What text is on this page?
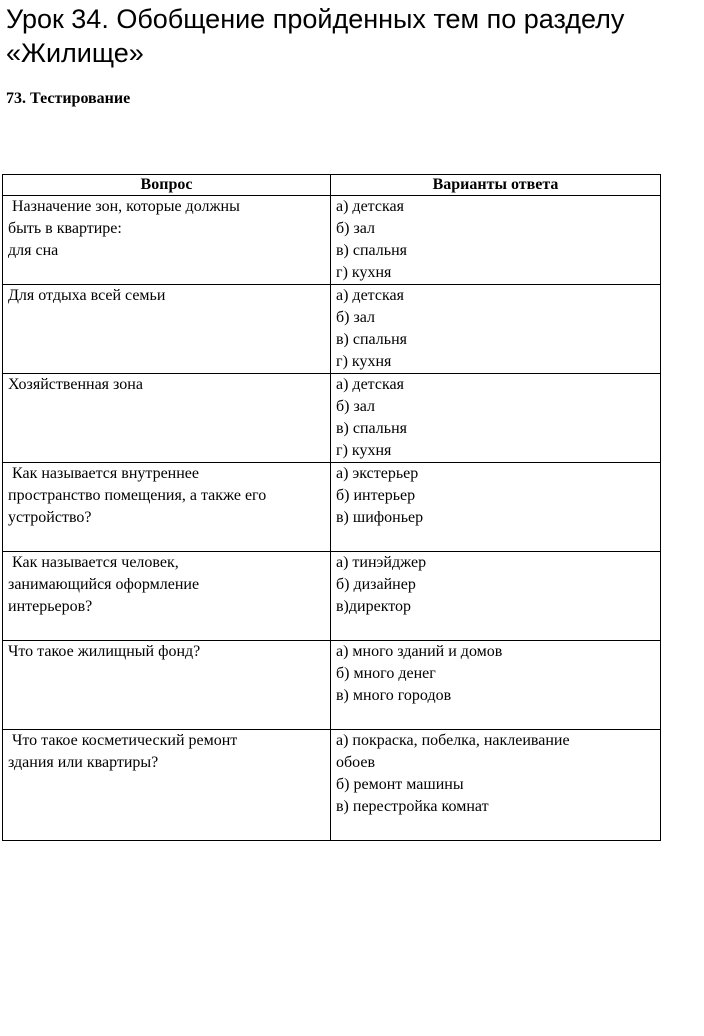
Урок 34. Обобщение пройденных тем по разделу «Жилище»
73. Тестирование
Вопрос	Варианты ответа

Назначение зон, которые должны
быть в квартире:
для сна	а) детская
б) зал
в) спальня
г) кухня

Для отдыха всей семьи	а) детская
б) зал
в) спальня
г) кухня

Хозяйственная зона	а) детская
б) зал
в) спальня
г) кухня

Как называется внутреннее
пространство помещения, а также его
устройство?	а) экстерьер
б) интерьер
в) шифоньер

Как называется человек,
занимающийся оформление
интерьеров?	а) тинэйджер
б) дизайнер
в)директор

Что такое жилищный фонд?	а) много зданий и домов
б) много денег
в) много городов

Что такое косметический ремонт
здания или квартиры?	а) покраска, побелка, наклеивание
обоев
б) ремонт машины
в) перестройка комнат
